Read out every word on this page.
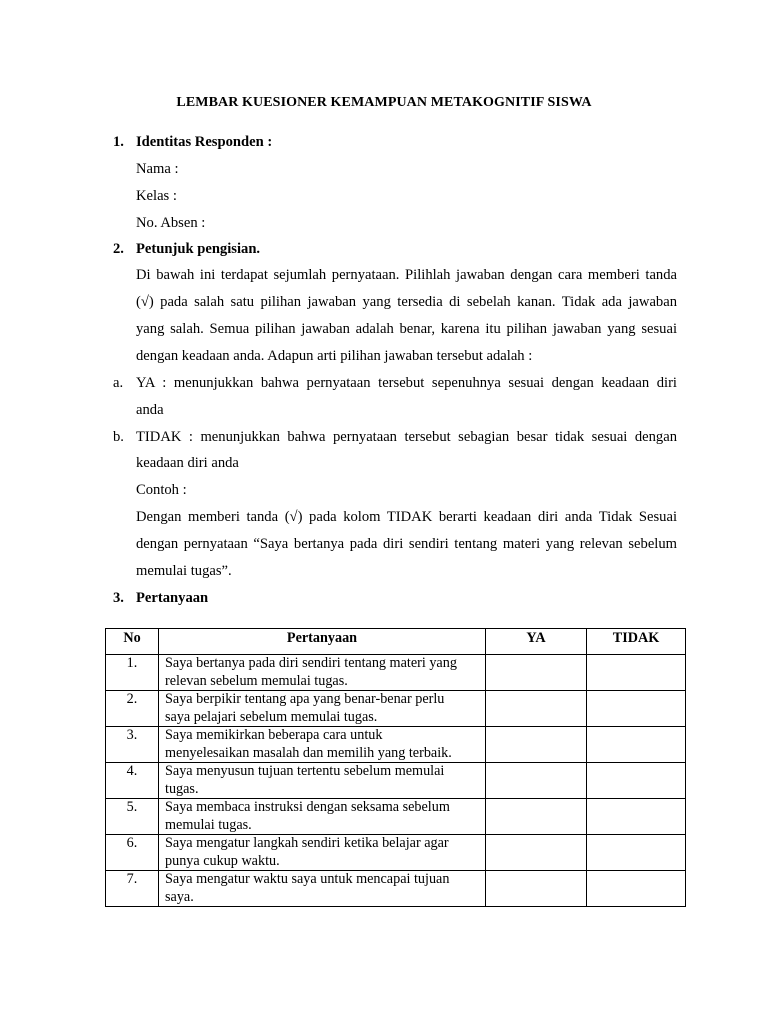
LEMBAR KUESIONER KEMAMPUAN METAKOGNITIF SISWA
1. Identitas Responden :
Nama :
Kelas :
No. Absen :
2. Petunjuk pengisian.
Di bawah ini terdapat sejumlah pernyataan. Pilihlah jawaban dengan cara memberi tanda
(√) pada salah satu pilihan jawaban yang tersedia di sebelah kanan. Tidak ada jawaban
yang salah. Semua pilihan jawaban adalah benar, karena itu pilihan jawaban yang sesuai
dengan keadaan anda. Adapun arti pilihan jawaban tersebut adalah :
a. YA : menunjukkan bahwa pernyataan tersebut sepenuhnya sesuai dengan keadaan diri
anda
b. TIDAK : menunjukkan bahwa pernyataan tersebut sebagian besar tidak sesuai dengan
keadaan diri anda
Contoh :
Dengan memberi tanda (√) pada kolom TIDAK berarti keadaan diri anda Tidak Sesuai
dengan pernyataan “Saya bertanya pada diri sendiri tentang materi yang relevan sebelum
memulai tugas”.
3. Pertanyaan
No	Pertanyaan	YA	TIDAK
1.	Saya bertanya pada diri sendiri tentang materi yang
relevan sebelum memulai tugas.		
2.	Saya berpikir tentang apa yang benar-benar perlu
saya pelajari sebelum memulai tugas.		
3.	Saya memikirkan beberapa cara untuk
menyelesaikan masalah dan memilih yang terbaik.		
4.	Saya menyusun tujuan tertentu sebelum memulai
tugas.		
5.	Saya membaca instruksi dengan seksama sebelum
memulai tugas.		
6.	Saya mengatur langkah sendiri ketika belajar agar
punya cukup waktu.		
7.	Saya mengatur waktu saya untuk mencapai tujuan
saya.		
